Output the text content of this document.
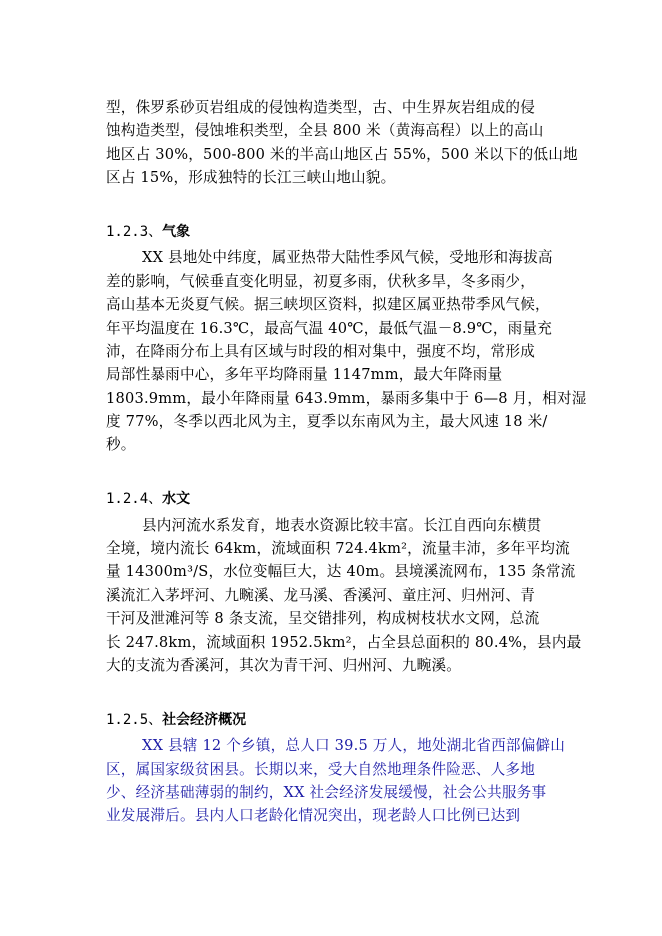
型，侏罗系砂页岩组成的侵蚀构造类型，古、中生界灰岩组成的侵
蚀构造类型，侵蚀堆积类型，全县 800 米（黄海高程）以上的高山
地区占 30%，500-800 米的半高山地区占 55%，500 米以下的低山地
区占 15%，形成独特的长江三峡山地山貌。
1.2.3、气象
XX 县地处中纬度，属亚热带大陆性季风气候，受地形和海拔高
差的影响，气候垂直变化明显，初夏多雨，伏秋多旱，冬多雨少，
高山基本无炎夏气候。据三峡坝区资料，拟建区属亚热带季风气候，
年平均温度在 16.3℃，最高气温 40℃，最低气温－8.9℃，雨量充
沛，在降雨分布上具有区域与时段的相对集中，强度不均，常形成
局部性暴雨中心，多年平均降雨量 1147mm，最大年降雨量
1803.9mm，最小年降雨量 643.9mm，暴雨多集中于 6—8 月，相对湿
度 77%，冬季以西北风为主，夏季以东南风为主，最大风速 18 米/
秒。
1.2.4、水文
县内河流水系发育，地表水资源比较丰富。长江自西向东横贯
全境，境内流长 64km，流域面积 724.4km²，流量丰沛，多年平均流
量 14300m³/S，水位变幅巨大，达 40m。县境溪流网布，135 条常流
溪流汇入茅坪河、九畹溪、龙马溪、香溪河、童庄河、归州河、青
干河及泄滩河等 8 条支流，呈交错排列，构成树枝状水文网，总流
长 247.8km，流域面积 1952.5km²，占全县总面积的 80.4%，县内最
大的支流为香溪河，其次为青干河、归州河、九畹溪。
1.2.5、社会经济概况
XX 县辖 12 个乡镇，总人口 39.5 万人，地处湖北省西部偏僻山
区，属国家级贫困县。长期以来，受大自然地理条件险恶、人多地
少、经济基础薄弱的制约，XX 社会经济发展缓慢，社会公共服务事
业发展滞后。县内人口老龄化情况突出，现老龄人口比例已达到
